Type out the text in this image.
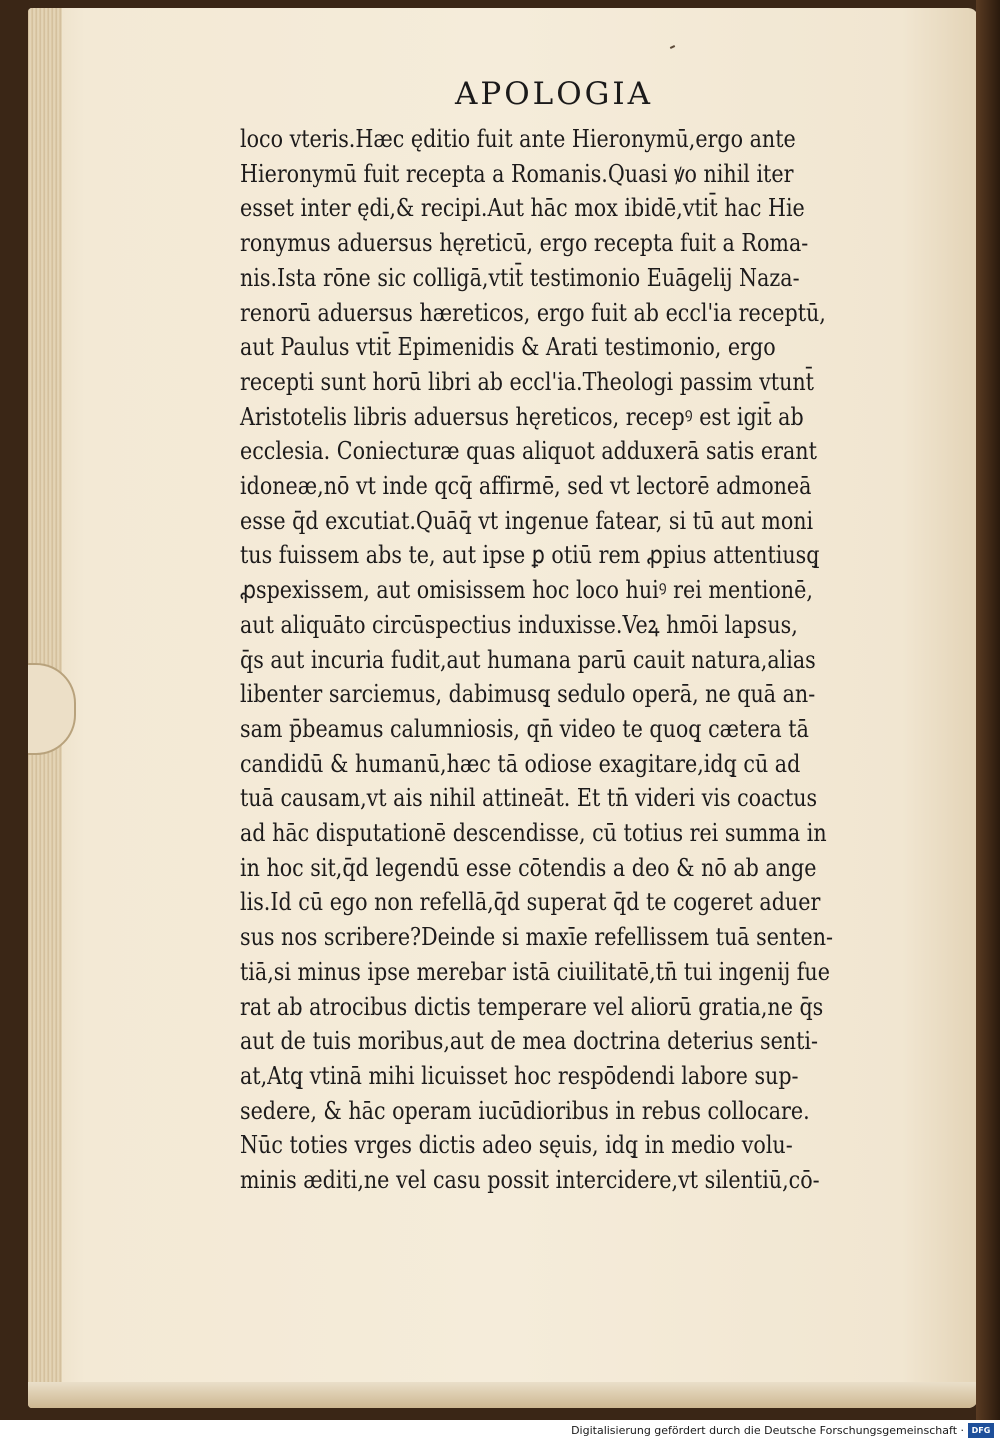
APOLOGIA
loco vteris.Hæc ęditio fuit ante Hieronymū,ergo ante
Hieronymū fuit recepta a Romanis.Quasi ꝟo nihil iter
esset inter ędi,& recipi.Aut hāc mox ibidē,vtit̄ hac Hie
ronymus aduersus hęreticū, ergo recepta fuit a Roma-
nis.Ista rōne sic colligā,vtit̄ testimonio Euāgelij Naza-
renorū aduersus hæreticos, ergo fuit ab eccl'ia receptū,
aut Paulus vtit̄ Epimenidis & Arati testimonio, ergo
recepti sunt horū libri ab eccl'ia.Theologi passim vtunt̄
Aristotelis libris aduersus hęreticos, recepꝰ est igit̄ ab
ecclesia. Coniecturæ quas aliquot adduxerā satis erant
idoneæ,nō vt inde qcq̄ affirmē, sed vt lectorē admoneā
esse q̄d excutiat.Quāq̄ vt ingenue fatear, si tū aut moni
tus fuissem abs te, aut ipse ꝑ otiū rem ꝓpius attentiusq̧
ꝓspexissem, aut omisissem hoc loco huiꝰ rei mentionē,
aut aliquāto circūspectius induxisse.Veꝝ hmōi lapsus,
q̄s aut incuria fudit,aut humana parū cauit natura,alias
libenter sarciemus, dabimusq̧ sedulo operā, ne quā an-
sam p̄beamus calumniosis, qn̄ video te quoq̧ cætera tā
candidū & humanū,hæc tā odiose exagitare,idq̧ cū ad
tuā causam,vt ais nihil attineāt. Et tn̄ videri vis coactus
ad hāc disputationē descendisse, cū totius rei summa in
in hoc sit,q̄d legendū esse cōtendis a deo & nō ab ange
lis.Id cū ego non refellā,q̄d superat q̄d te cogeret aduer
sus nos scribere?Deinde si maxīe refellissem tuā senten-
tiā,si minus ipse merebar istā ciuilitatē,tn̄ tui ingenij fue
rat ab atrocibus dictis temperare vel aliorū gratia,ne q̄s
aut de tuis moribus,aut de mea doctrina deterius senti-
at,Atq̧ vtinā mihi licuisset hoc respōdendi labore sup-
sedere, & hāc operam iucūdioribus in rebus collocare.
Nūc toties vrges dictis adeo sęuis, idq̧ in medio volu-
minis æditi,ne vel casu possit intercidere,vt silentiū,cō-
Digitalisierung gefördert durch die Deutsche Forschungsgemeinschaft · DFG
